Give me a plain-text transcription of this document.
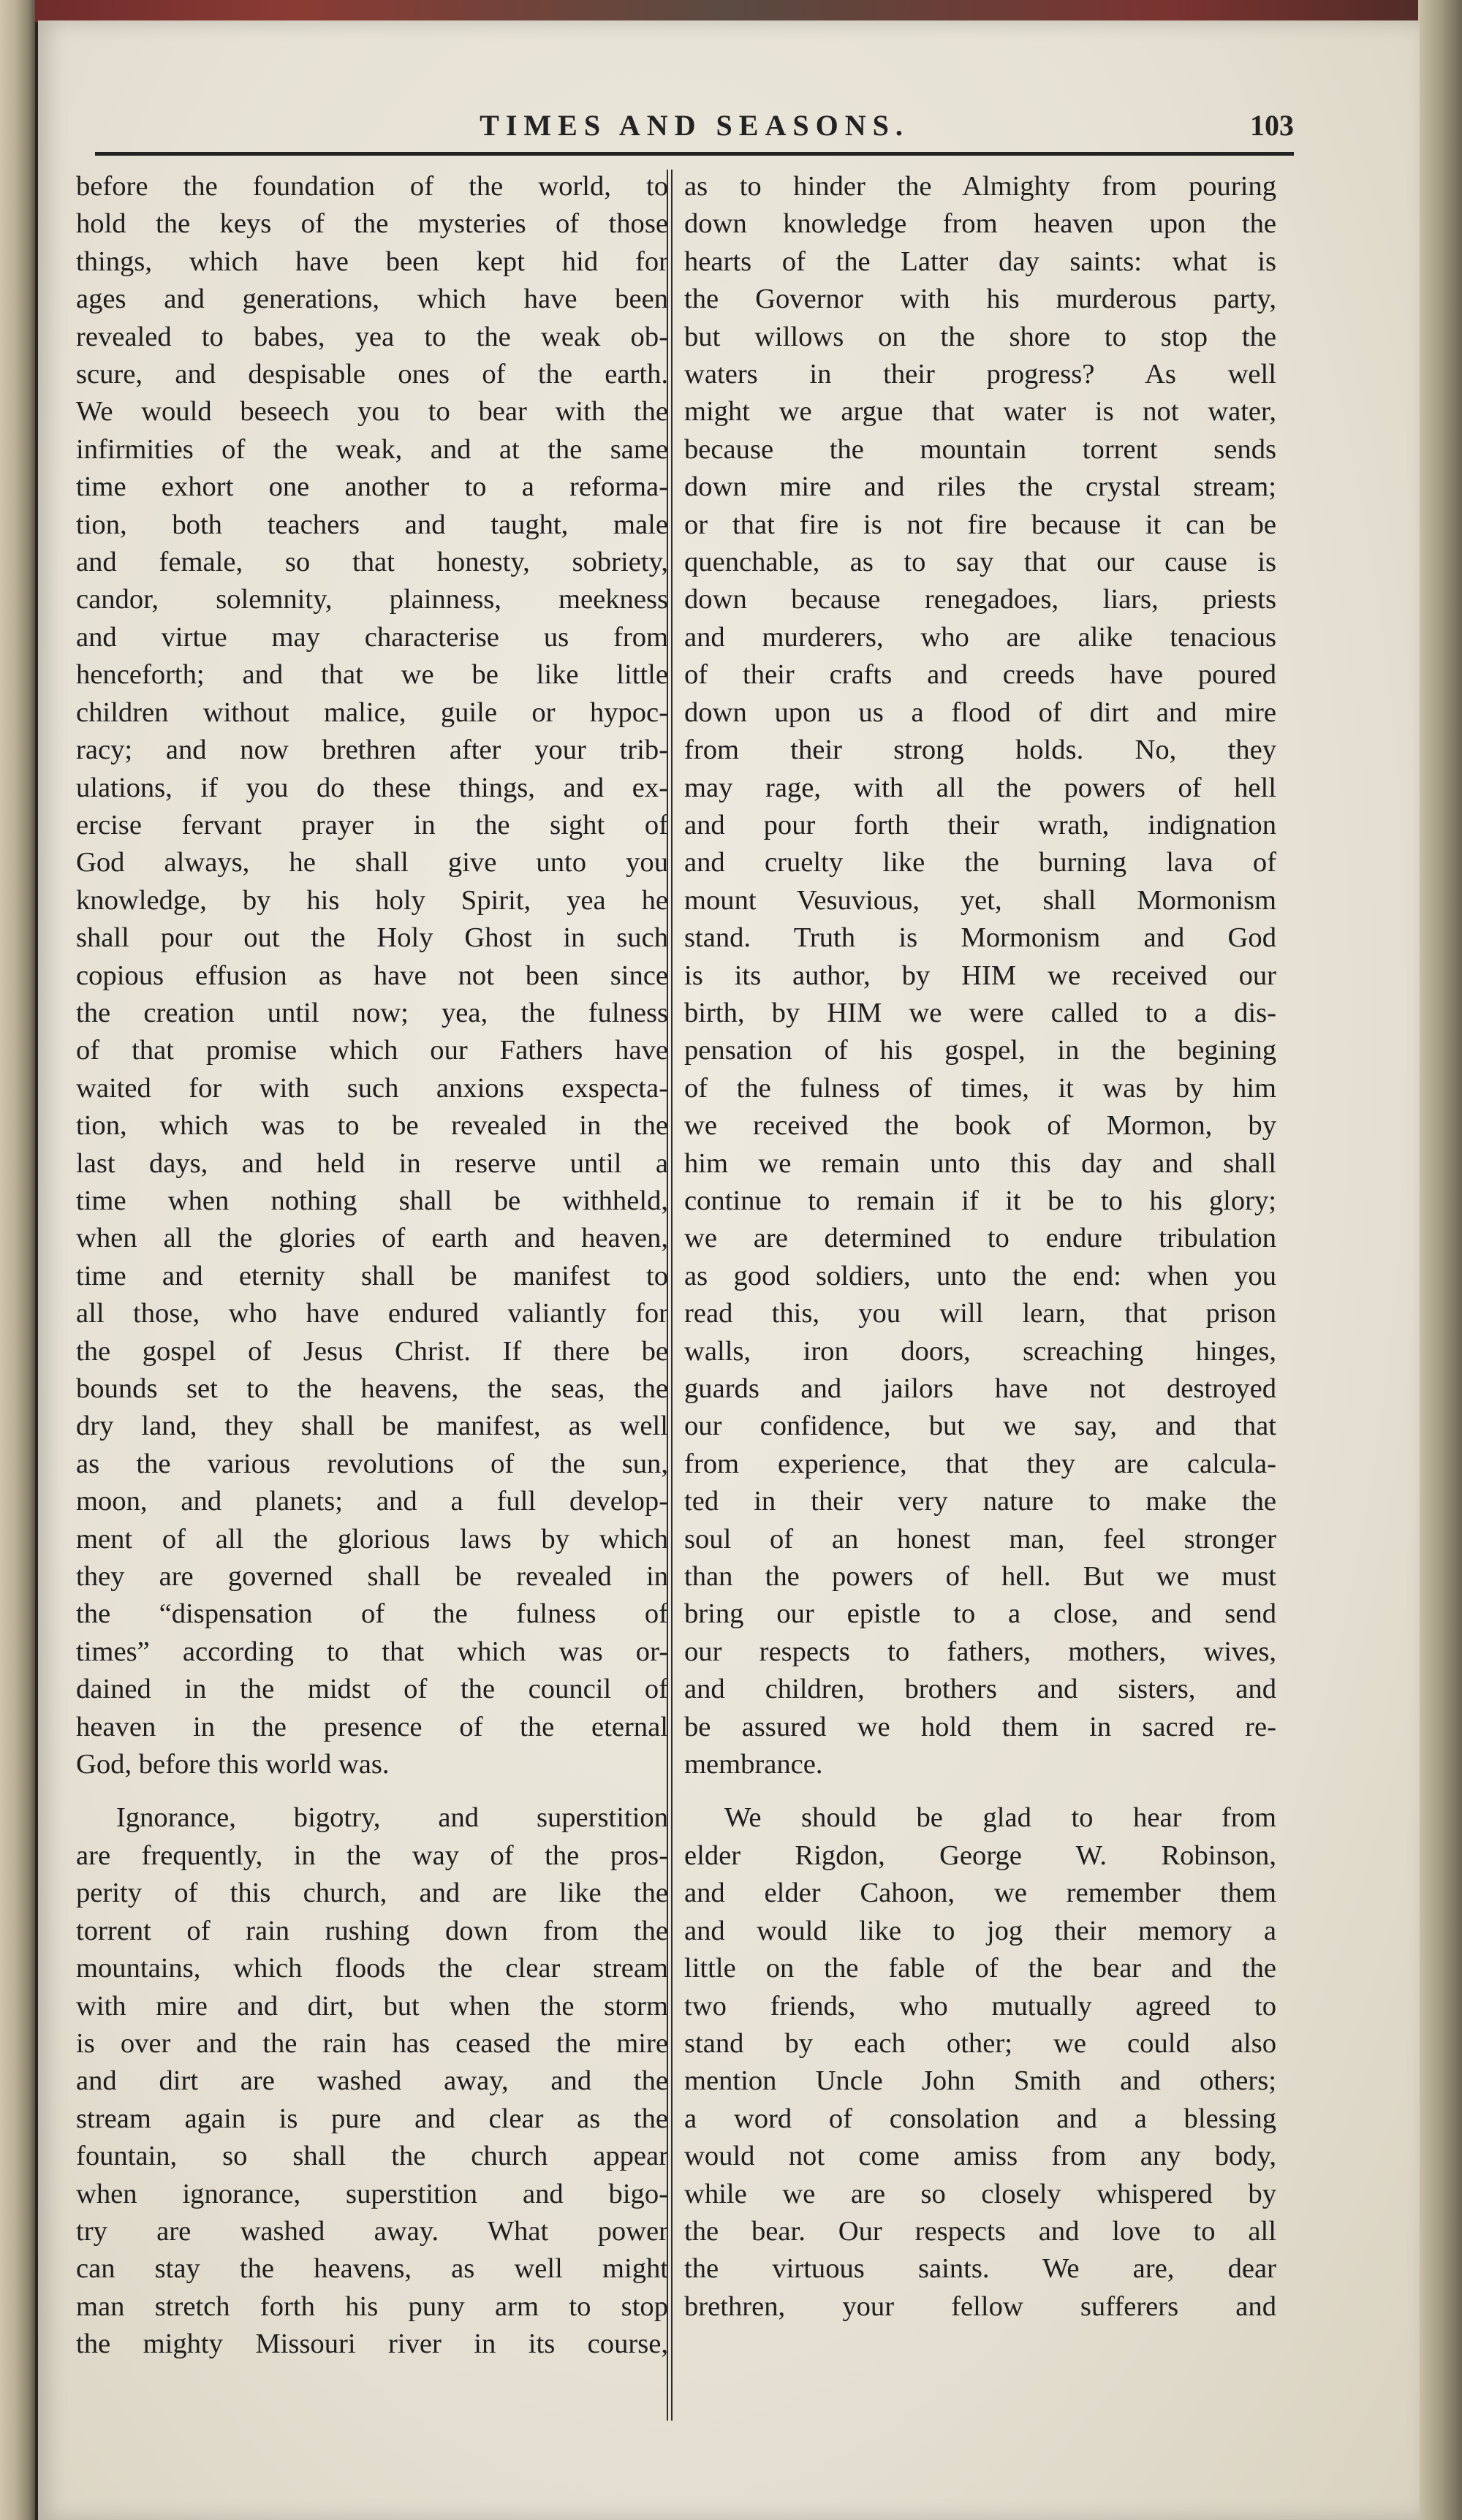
TIMES AND SEASONS.	103
before the foundation of the world, to
hold the keys of the mysteries of those
things, which have been kept hid for
ages and generations, which have been
revealed to babes, yea to the weak ob-
scure, and despisable ones of the earth.
We would beseech you to bear with the
infirmities of the weak, and at the same
time exhort one another to a reforma-
tion, both teachers and taught, male
and female, so that honesty, sobriety,
candor, solemnity, plainness, meekness
and virtue may characterise us from
henceforth; and that we be like little
children without malice, guile or hypoc-
racy; and now brethren after your trib-
ulations, if you do these things, and ex-
ercise fervant prayer in the sight of
God always, he shall give unto you
knowledge, by his holy Spirit, yea he
shall pour out the Holy Ghost in such
copious effusion as have not been since
the creation until now; yea, the fulness
of that promise which our Fathers have
waited for with such anxions exspecta-
tion, which was to be revealed in the
last days, and held in reserve until a
time when nothing shall be withheld,
when all the glories of earth and heaven,
time and eternity shall be manifest to
all those, who have endured valiantly for
the gospel of Jesus Christ. If there be
bounds set to the heavens, the seas, the
dry land, they shall be manifest, as well
as the various revolutions of the sun,
moon, and planets; and a full develop-
ment of all the glorious laws by which
they are governed shall be revealed in
the “dispensation of the fulness of
times” according to that which was or-
dained in the midst of the council of
heaven in the presence of the eternal
God, before this world was.
Ignorance, bigotry, and superstition
are frequently, in the way of the pros-
perity of this church, and are like the
torrent of rain rushing down from the
mountains, which floods the clear stream
with mire and dirt, but when the storm
is over and the rain has ceased the mire
and dirt are washed away, and the
stream again is pure and clear as the
fountain, so shall the church appear
when ignorance, superstition and bigo-
try are washed away. What power
can stay the heavens, as well might
man stretch forth his puny arm to stop
the mighty Missouri river in its course,
as to hinder the Almighty from pouring
down knowledge from heaven upon the
hearts of the Latter day saints: what is
the Governor with his murderous party,
but willows on the shore to stop the
waters in their progress? As well
might we argue that water is not water,
because the mountain torrent sends
down mire and riles the crystal stream;
or that fire is not fire because it can be
quenchable, as to say that our cause is
down because renegadoes, liars, priests
and murderers, who are alike tenacious
of their crafts and creeds have poured
down upon us a flood of dirt and mire
from their strong holds. No, they
may rage, with all the powers of hell
and pour forth their wrath, indignation
and cruelty like the burning lava of
mount Vesuvious, yet, shall Mormonism
stand. Truth is Mormonism and God
is its author, by HIM we received our
birth, by HIM we were called to a dis-
pensation of his gospel, in the begining
of the fulness of times, it was by him
we received the book of Mormon, by
him we remain unto this day and shall
continue to remain if it be to his glory;
we are determined to endure tribulation
as good soldiers, unto the end: when you
read this, you will learn, that prison
walls, iron doors, screaching hinges,
guards and jailors have not destroyed
our confidence, but we say, and that
from experience, that they are calcula-
ted in their very nature to make the
soul of an honest man, feel stronger
than the powers of hell. But we must
bring our epistle to a close, and send
our respects to fathers, mothers, wives,
and children, brothers and sisters, and
be assured we hold them in sacred re-
membrance.
We should be glad to hear from
elder Rigdon, George W. Robinson,
and elder Cahoon, we remember them
and would like to jog their memory a
little on the fable of the bear and the
two friends, who mutually agreed to
stand by each other; we could also
mention Uncle John Smith and others;
a word of consolation and a blessing
would not come amiss from any body,
while we are so closely whispered by
the bear. Our respects and love to all
the virtuous saints. We are, dear
brethren, your fellow sufferers and
